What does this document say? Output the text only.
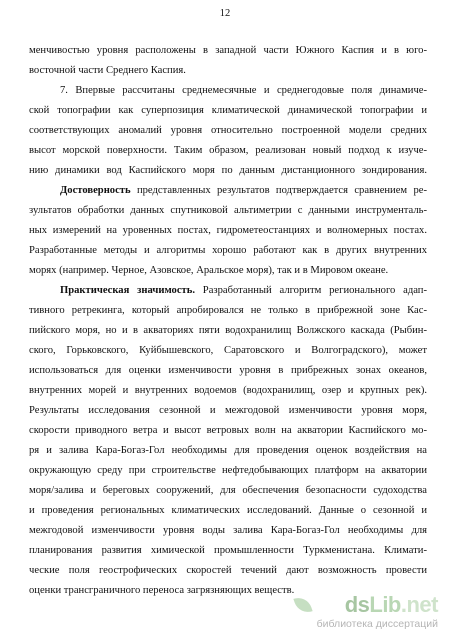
12
менчивостью уровня расположены в западной части Южного Каспия и в юго-
восточной части Среднего Каспия.
7. Впервые рассчитаны среднемесячные и среднегодовые поля динамиче-
ской топографии как суперпозиция климатической динамической топографии и
соответствующих аномалий уровня относительно построенной модели средних
высот морской поверхности. Таким образом, реализован новый подход к изуче-
нию динамики вод Каспийского моря по данным дистанционного зондирования.
Достоверность представленных результатов подтверждается сравнением ре-
зультатов обработки данных спутниковой альтиметрии с данными инструменталь-
ных измерений на уровенных постах, гидрометеостанциях и волномерных постах.
Разработанные методы и алгоритмы хорошо работают как в других внутренних
морях (например. Черное, Азовское, Аральское моря), так и в Мировом океане.
Практическая значимость. Разработанный алгоритм регионального адап-
тивного ретрекинга, который апробировался не только в прибрежной зоне Кас-
пийского моря, но и в акваториях пяти водохранилищ Волжского каскада (Рыбин-
ского, Горьковского, Куйбышевского, Саратовского и Волгоградского), может
использоваться для оценки изменчивости уровня в прибрежных зонах океанов,
внутренних морей и внутренних водоемов (водохранилищ, озер и крупных рек).
Результаты исследования сезонной и межгодовой изменчивости уровня моря,
скорости приводного ветра и высот ветровых волн на акватории Каспийского мо-
ря и залива Кара-Богаз-Гол необходимы для проведения оценок воздействия на
окружающую среду при строительстве нефтедобывающих платформ на акватории
моря/залива и береговых сооружений, для обеспечения безопасности судоходства
и проведения региональных климатических исследований. Данные о сезонной и
межгодовой изменчивости уровня воды залива Кара-Богаз-Гол необходимы для
планирования развития химической промышленности Туркменистана. Климати-
ческие поля геострофических скоростей течений дают возможность провести
оценки трансграничного переноса загрязняющих веществ.
dsLib.net
библиотека диссертаций
